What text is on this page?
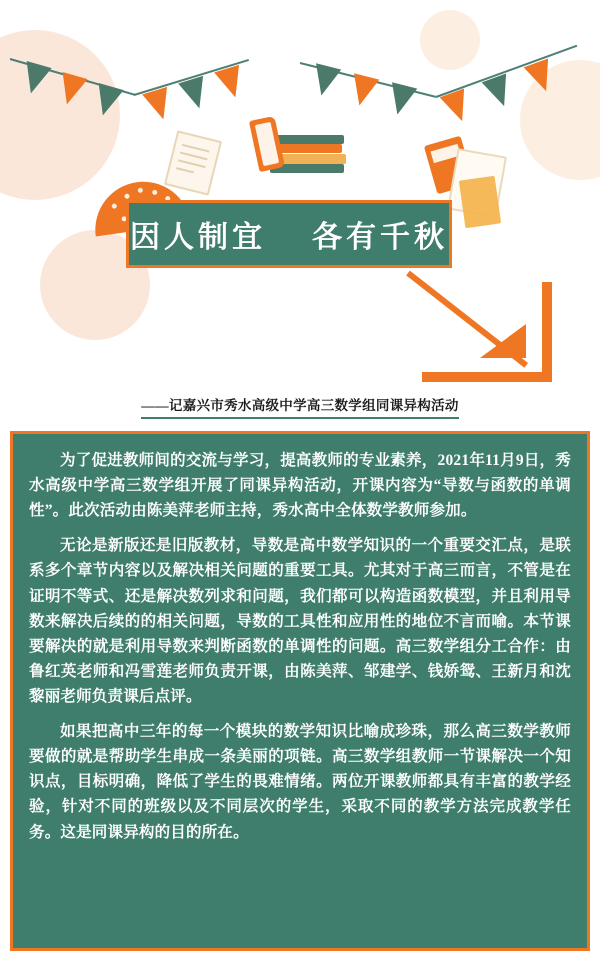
因人制宜    各有千秋
——记嘉兴市秀水高级中学高三数学组同课异构活动

为了促进教师间的交流与学习，提高教师的专业素养，2021年11月9日，秀水高级中学高三数学组开展了同课异构活动，开课内容为“导数与函数的单调性”。此次活动由陈美萍老师主持，秀水高中全体数学教师参加。

无论是新版还是旧版教材，导数是高中数学知识的一个重要交汇点，是联系多个章节内容以及解决相关问题的重要工具。尤其对于高三而言，不管是在证明不等式、还是解决数列求和问题，我们都可以构造函数模型，并且利用导数来解决后续的的相关问题，导数的工具性和应用性的地位不言而喻。本节课要解决的就是利用导数来判断函数的单调性的问题。高三数学组分工合作：由鲁红英老师和冯雪莲老师负责开课，由陈美萍、邹建学、钱娇鸳、王新月和沈黎丽老师负责课后点评。

如果把高中三年的每一个模块的数学知识比喻成珍珠，那么高三数学教师要做的就是帮助学生串成一条美丽的项链。高三数学组教师一节课解决一个知识点，目标明确，降低了学生的畏难情绪。两位开课教师都具有丰富的教学经验，针对不同的班级以及不同层次的学生，采取不同的教学方法完成教学任务。这是同课异构的目的所在。
